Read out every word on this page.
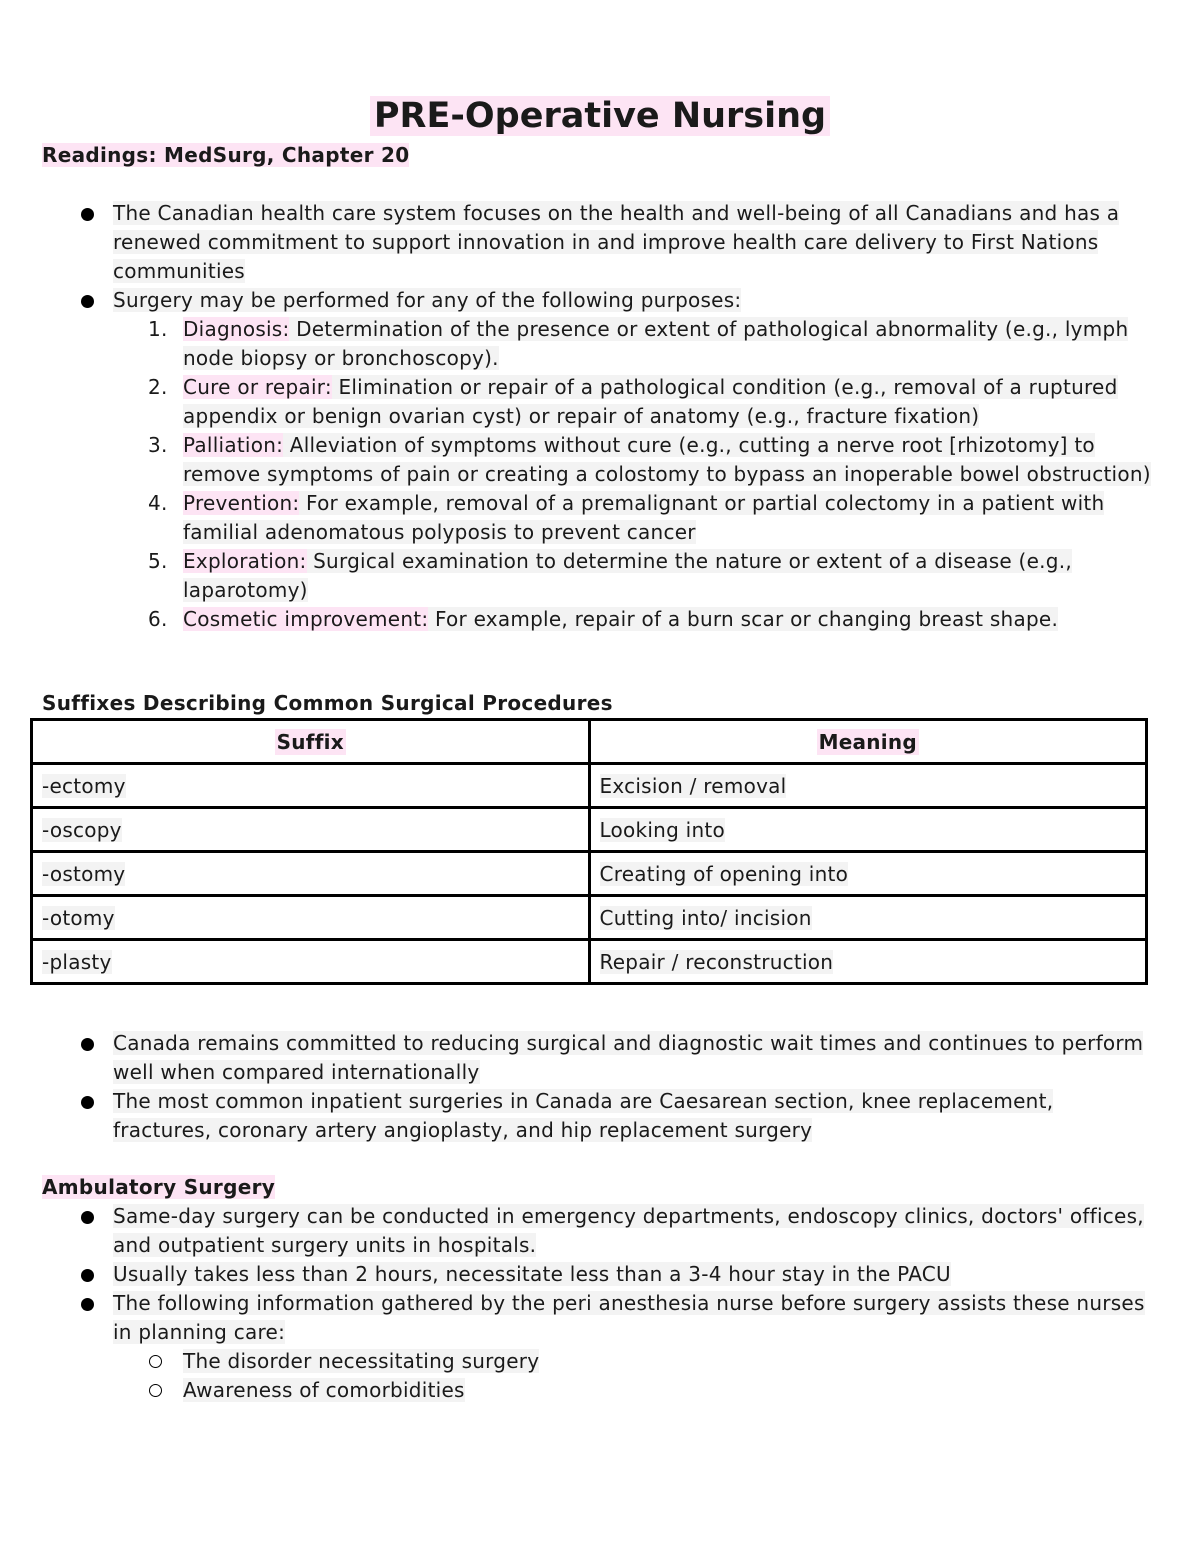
PRE-Operative Nursing
Readings: MedSurg, Chapter 20
The Canadian health care system focuses on the health and well-being of all Canadians and has a renewed commitment to support innovation in and improve health care delivery to First Nations communities
Surgery may be performed for any of the following purposes:
1. Diagnosis: Determination of the presence or extent of pathological abnormality (e.g., lymph node biopsy or bronchoscopy).
2. Cure or repair: Elimination or repair of a pathological condition (e.g., removal of a ruptured appendix or benign ovarian cyst) or repair of anatomy (e.g., fracture fixation)
3. Palliation: Alleviation of symptoms without cure (e.g., cutting a nerve root [rhizotomy] to remove symptoms of pain or creating a colostomy to bypass an inoperable bowel obstruction)
4. Prevention: For example, removal of a premalignant or partial colectomy in a patient with familial adenomatous polyposis to prevent cancer
5. Exploration: Surgical examination to determine the nature or extent of a disease (e.g., laparotomy)
6. Cosmetic improvement: For example, repair of a burn scar or changing breast shape.
Suffixes Describing Common Surgical Procedures
Suffix	Meaning
-ectomy	Excision / removal
-oscopy	Looking into
-ostomy	Creating of opening into
-otomy	Cutting into/ incision
-plasty	Repair / reconstruction
Canada remains committed to reducing surgical and diagnostic wait times and continues to perform well when compared internationally
The most common inpatient surgeries in Canada are Caesarean section, knee replacement, fractures, coronary artery angioplasty, and hip replacement surgery
Ambulatory Surgery
Same-day surgery can be conducted in emergency departments, endoscopy clinics, doctors' offices, and outpatient surgery units in hospitals.
Usually takes less than 2 hours, necessitate less than a 3-4 hour stay in the PACU
The following information gathered by the peri anesthesia nurse before surgery assists these nurses in planning care:
The disorder necessitating surgery
Awareness of comorbidities
